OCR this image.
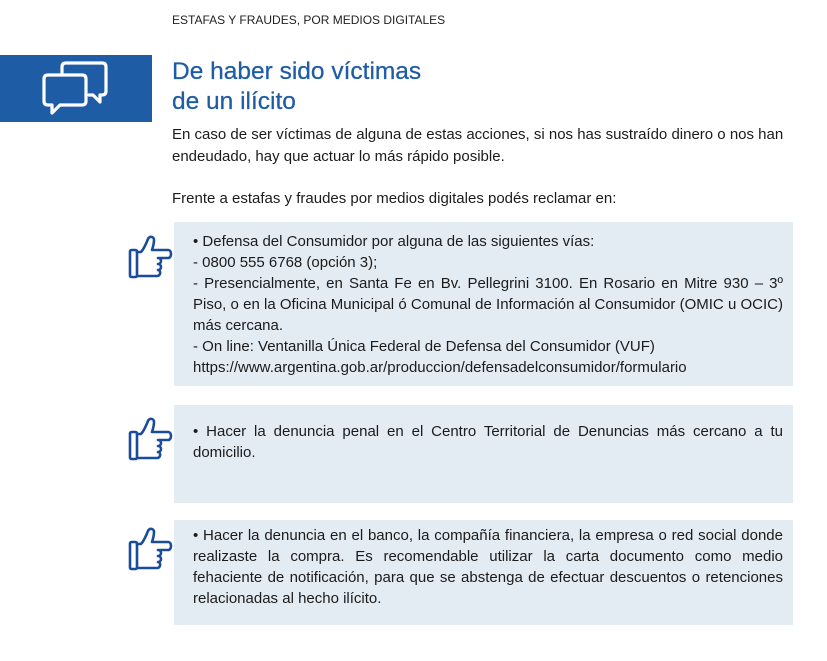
ESTAFAS Y FRAUDES, POR MEDIOS DIGITALES
De haber sido víctimas
de un ilícito

En caso de ser víctimas de alguna de estas acciones, si nos has sustraído dinero o nos han endeudado, hay que actuar lo más rápido posible.

Frente a estafas y fraudes por medios digitales podés reclamar en:

• Defensa del Consumidor por alguna de las siguientes vías:
- 0800 555 6768 (opción 3);
- Presencialmente, en Santa Fe en Bv. Pellegrini 3100. En Rosario en Mitre 930 – 3º Piso, o en la Oficina Municipal ó Comunal de Información al Consumidor (OMIC u OCIC) más cercana.
- On line: Ventanilla Única Federal de Defensa del Consumidor (VUF)
https://www.argentina.gob.ar/produccion/defensadelconsumidor/formulario
• Hacer la denuncia penal en el Centro Territorial de Denuncias más cercano a tu domicilio.
• Hacer la denuncia en el banco, la compañía financiera, la empresa o red social donde realizaste la compra. Es recomendable utilizar la carta documento como medio fehaciente de notificación, para que se abstenga de efectuar descuentos o retenciones relacionadas al hecho ilícito.
